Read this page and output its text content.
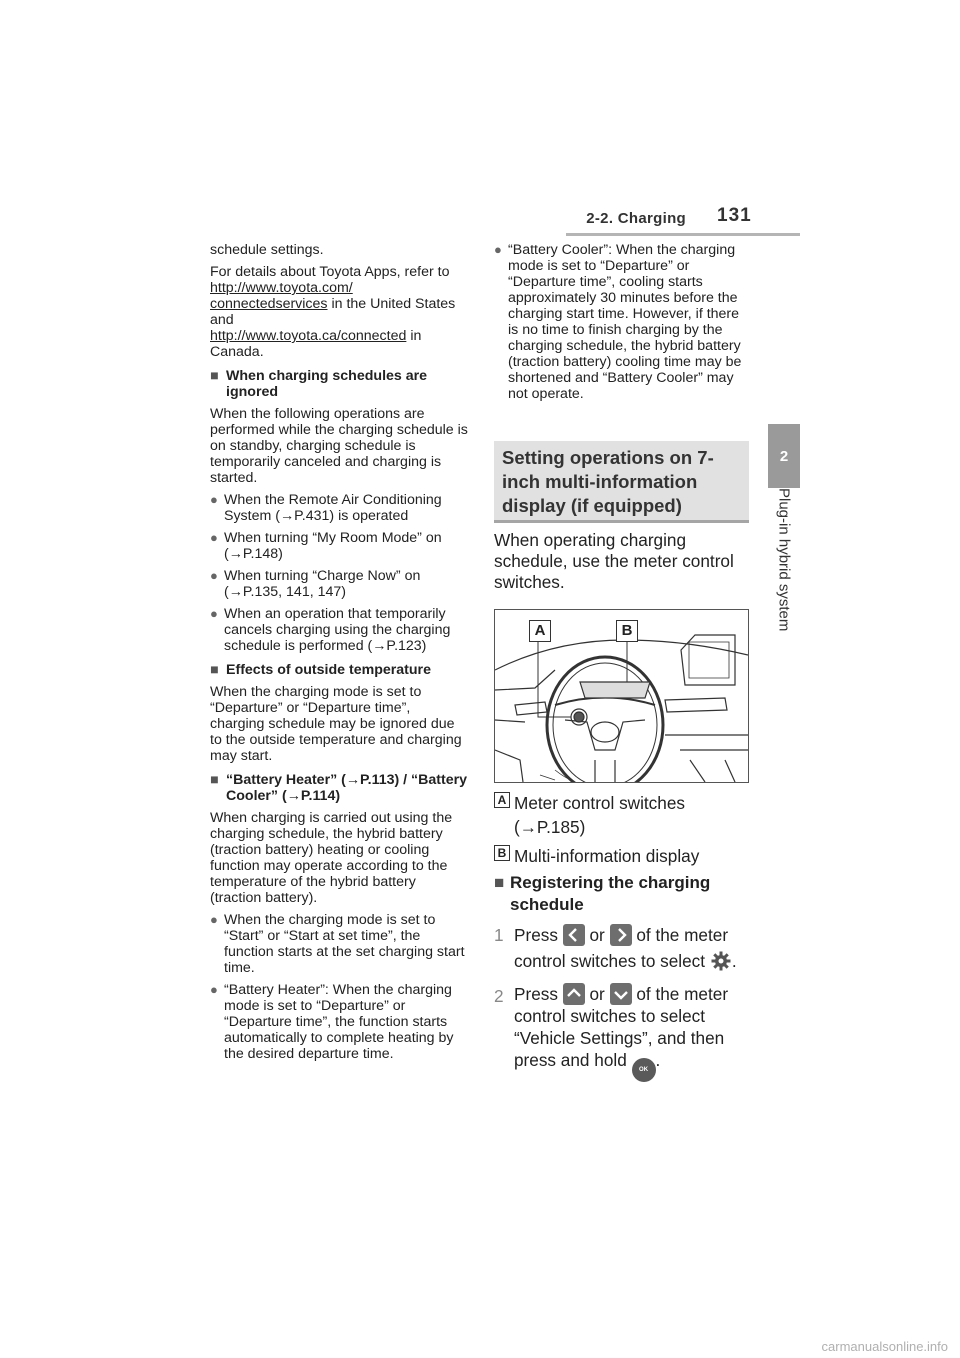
2-2. Charging 131
2
Plug-in hybrid system
schedule settings.
For details about Toyota Apps, refer to http://www.toyota.com/
connectedservices in the United States and
http://www.toyota.ca/connected in Canada.
■ When charging schedules are ignored
When the following operations are performed while the charging schedule is on standby, charging schedule is temporarily canceled and charging is started.
● When the Remote Air Conditioning System (→P.431) is operated
● When turning “My Room Mode” on (→P.148)
● When turning “Charge Now” on (→P.135, 141, 147)
● When an operation that temporarily cancels charging using the charging schedule is performed (→P.123)
■ Effects of outside temperature
When the charging mode is set to “Departure” or “Departure time”, charging schedule may be ignored due to the outside temperature and charging may start.
■ “Battery Heater” (→P.113) / “Battery Cooler” (→P.114)
When charging is carried out using the charging schedule, the hybrid battery (traction battery) heating or cooling function may operate according to the temperature of the hybrid battery (traction battery).
● When the charging mode is set to “Start” or “Start at set time”, the function starts at the set charging start time.
● “Battery Heater”: When the charging mode is set to “Departure” or “Departure time”, the function starts automatically to complete heating by the desired departure time.
● “Battery Cooler”: When the charging mode is set to “Departure” or “Departure time”, cooling starts approximately 30 minutes before the charging start time. However, if there is no time to finish charging by the charging schedule, the hybrid battery (traction battery) cooling time may be shortened and “Battery Cooler” may not operate.
Setting operations on 7-
inch multi-information
display (if equipped)
When operating charging schedule, use the meter control switches.
A	B
A Meter control switches
(→P.185)
B Multi-information display
■ Registering the charging schedule
1 Press
or
of the meter control switches to select .
2 Press
or
of the meter control switches to select “Vehicle Settings”, and then press and hold OK .
carmanualsonline.info
